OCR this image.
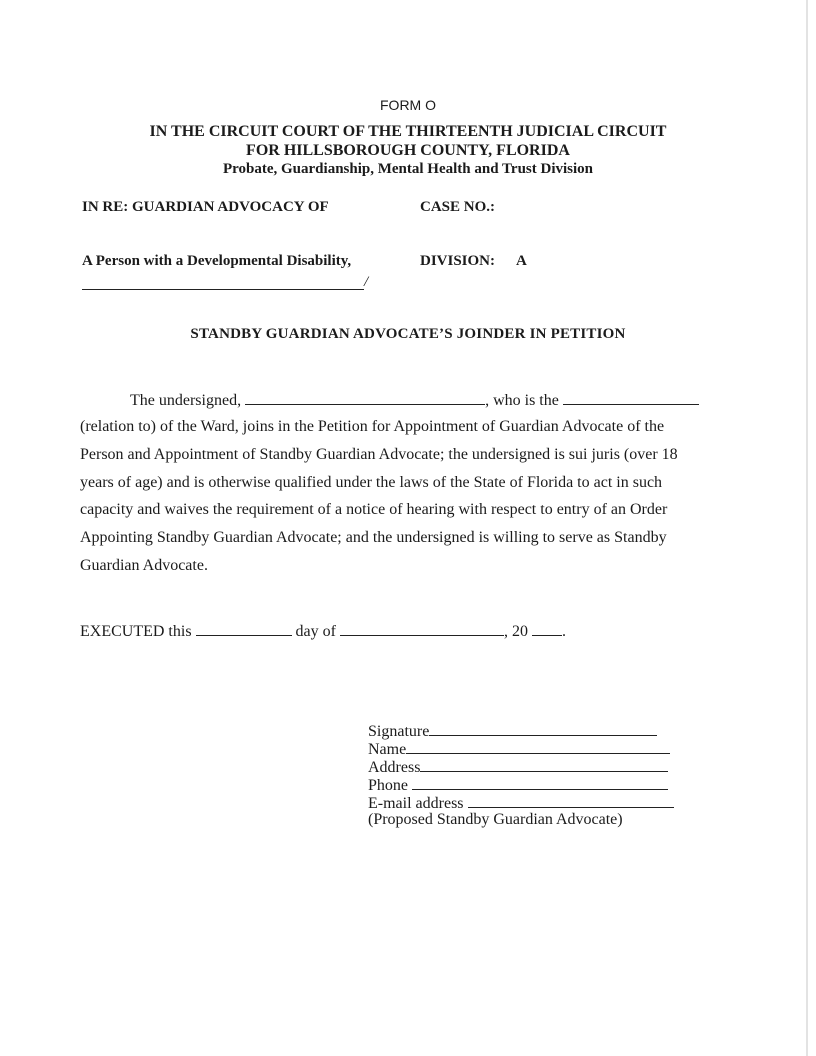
FORM O
IN THE CIRCUIT COURT OF THE THIRTEENTH JUDICIAL CIRCUIT
FOR HILLSBOROUGH COUNTY, FLORIDA
Probate, Guardianship, Mental Health and Trust Division
IN RE: GUARDIAN ADVOCACY OF	CASE NO.:
A Person with a Developmental Disability,	DIVISION: A
/
STANDBY GUARDIAN ADVOCATE’S JOINDER IN PETITION
The undersigned,	, who is the
(relation to) of the Ward, joins in the Petition for Appointment of Guardian Advocate of the
Person and Appointment of Standby Guardian Advocate; the undersigned is sui juris (over 18
years of age) and is otherwise qualified under the laws of the State of Florida to act in such
capacity and waives the requirement of a notice of hearing with respect to entry of an Order
Appointing Standby Guardian Advocate; and the undersigned is willing to serve as Standby
Guardian Advocate.
EXECUTED this	day of	, 20 .
Signature
Name
Address
Phone
E-mail address
(Proposed Standby Guardian Advocate)
